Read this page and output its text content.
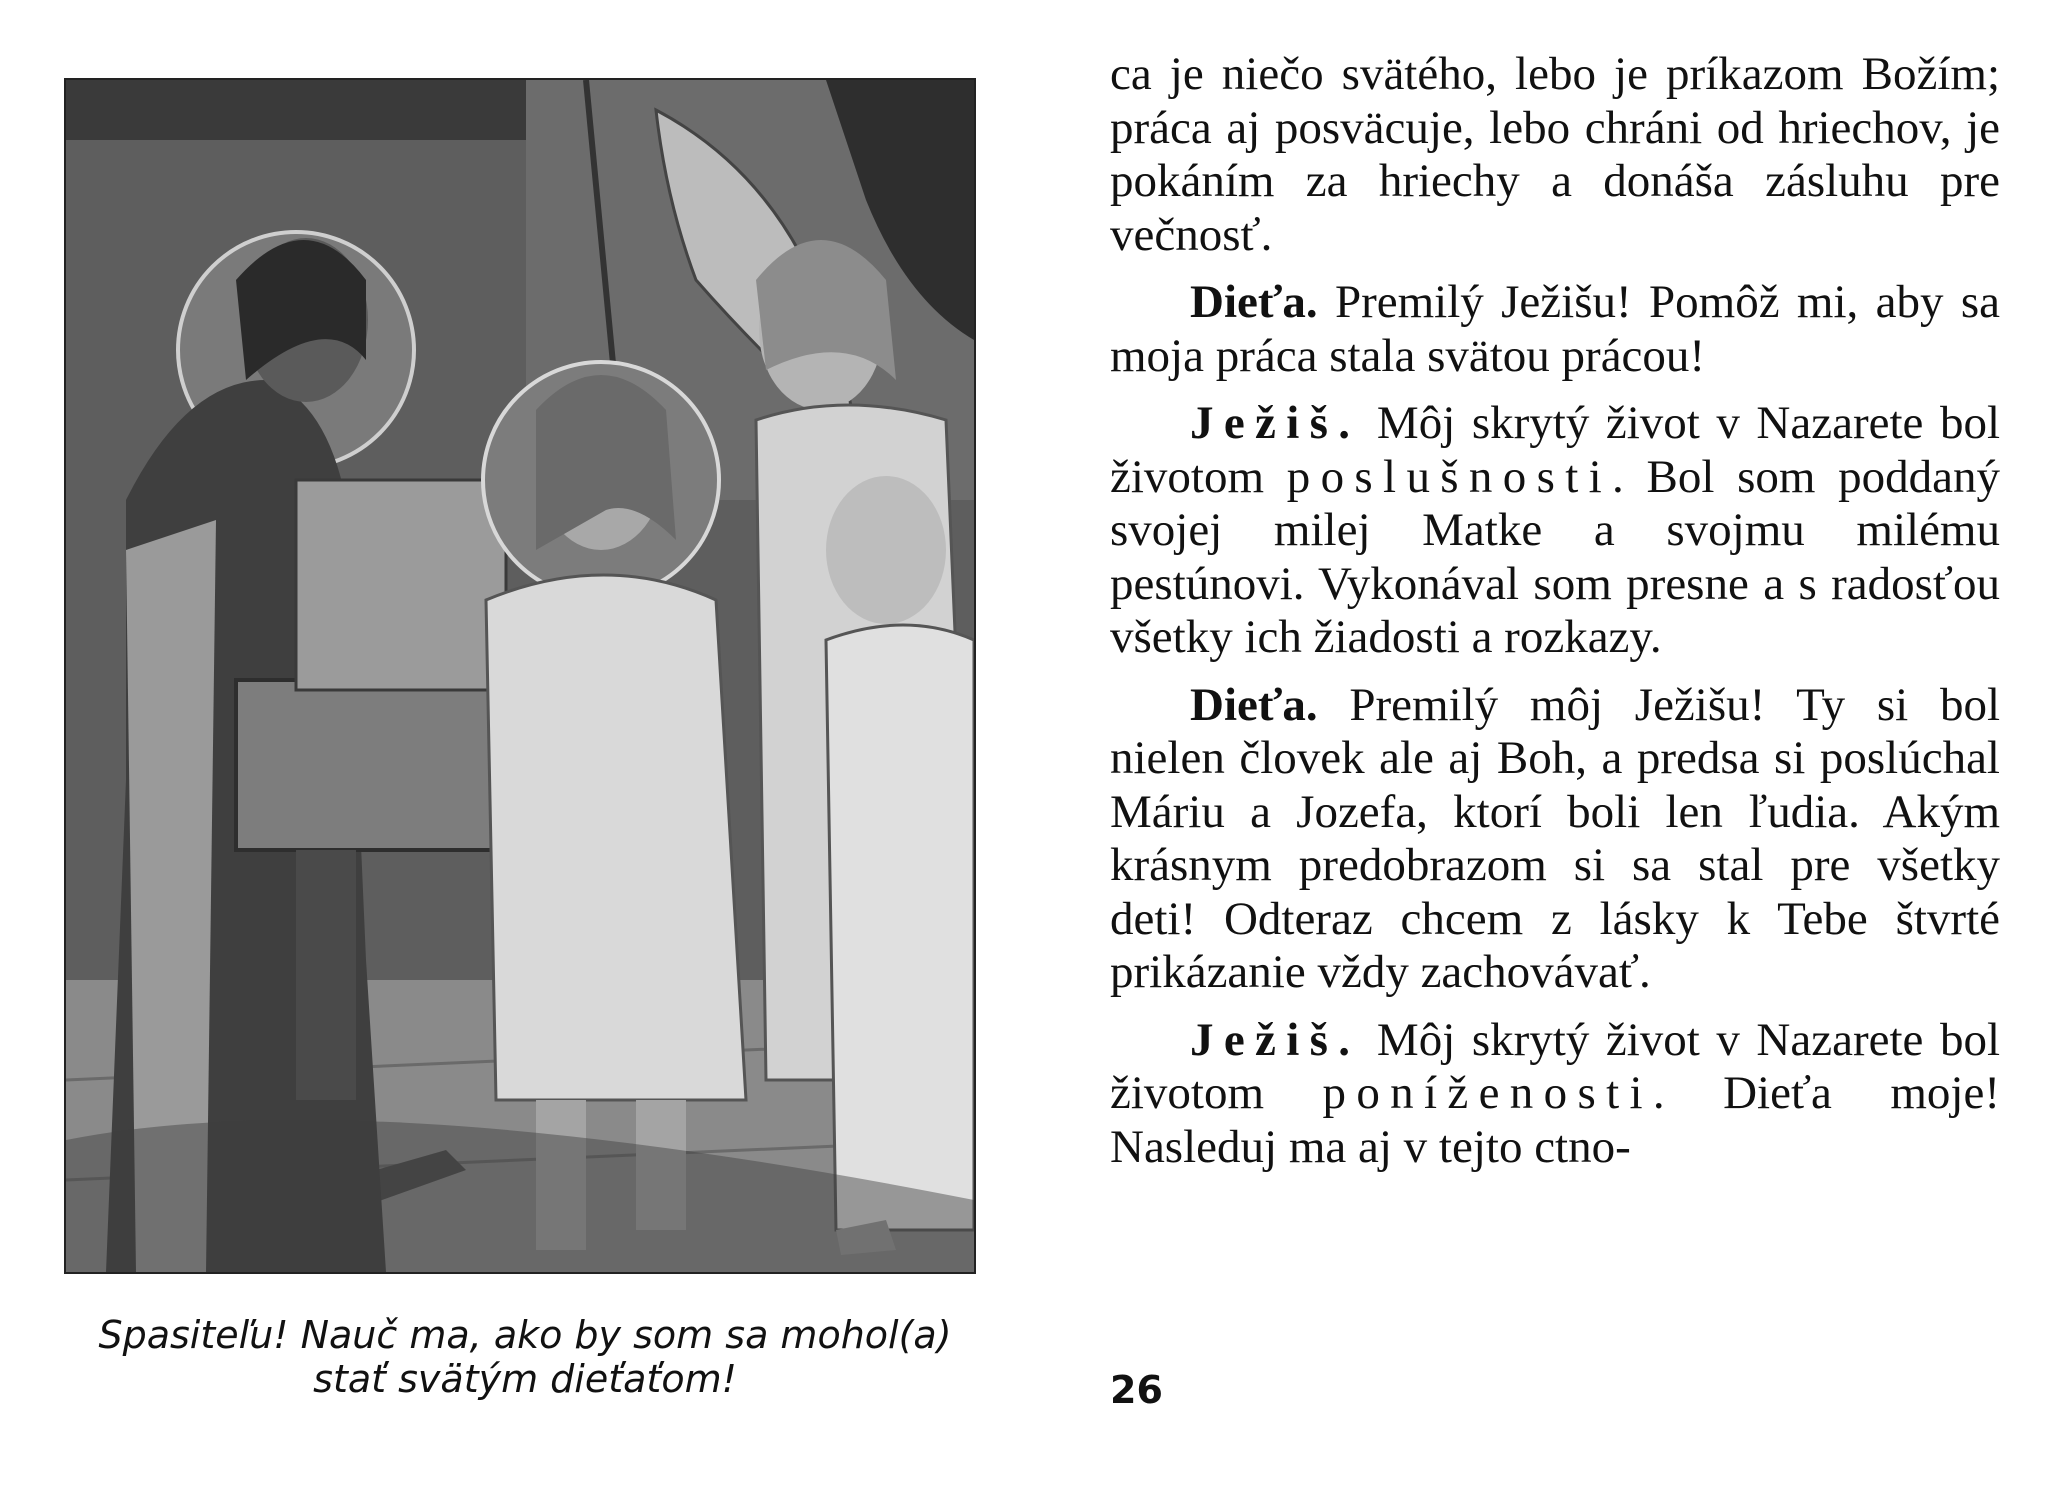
Spasiteľu! Nauč ma, ako by som sa mohol(a)
stať svätým dieťaťom!

ca je niečo svätého, lebo je príkazom Božím; práca aj posväcuje, lebo chráni od hriechov, je pokáním za hriechy a donáša zásluhu pre večnosť.

Dieťa. Premilý Ježišu! Pomôž mi, aby sa moja práca stala svätou prácou!

Ježiš. Môj skrytý život v Nazarete bol životom poslušnosti. Bol som poddaný svojej milej Matke a svojmu milému pestúnovi. Vykonával som presne a s radosťou všetky ich žiadosti a rozkazy.

Dieťa. Premilý môj Ježišu! Ty si bol nielen človek ale aj Boh, a predsa si poslúchal Máriu a Jozefa, ktorí boli len ľudia. Akým krásnym predobrazom si sa stal pre všetky deti! Odteraz chcem z lásky k Tebe štvrté prikázanie vždy zachovávať.

Ježiš. Môj skrytý život v Nazarete bol životom poníženosti. Dieťa moje! Nasleduj ma aj v tejto ctno-

26
